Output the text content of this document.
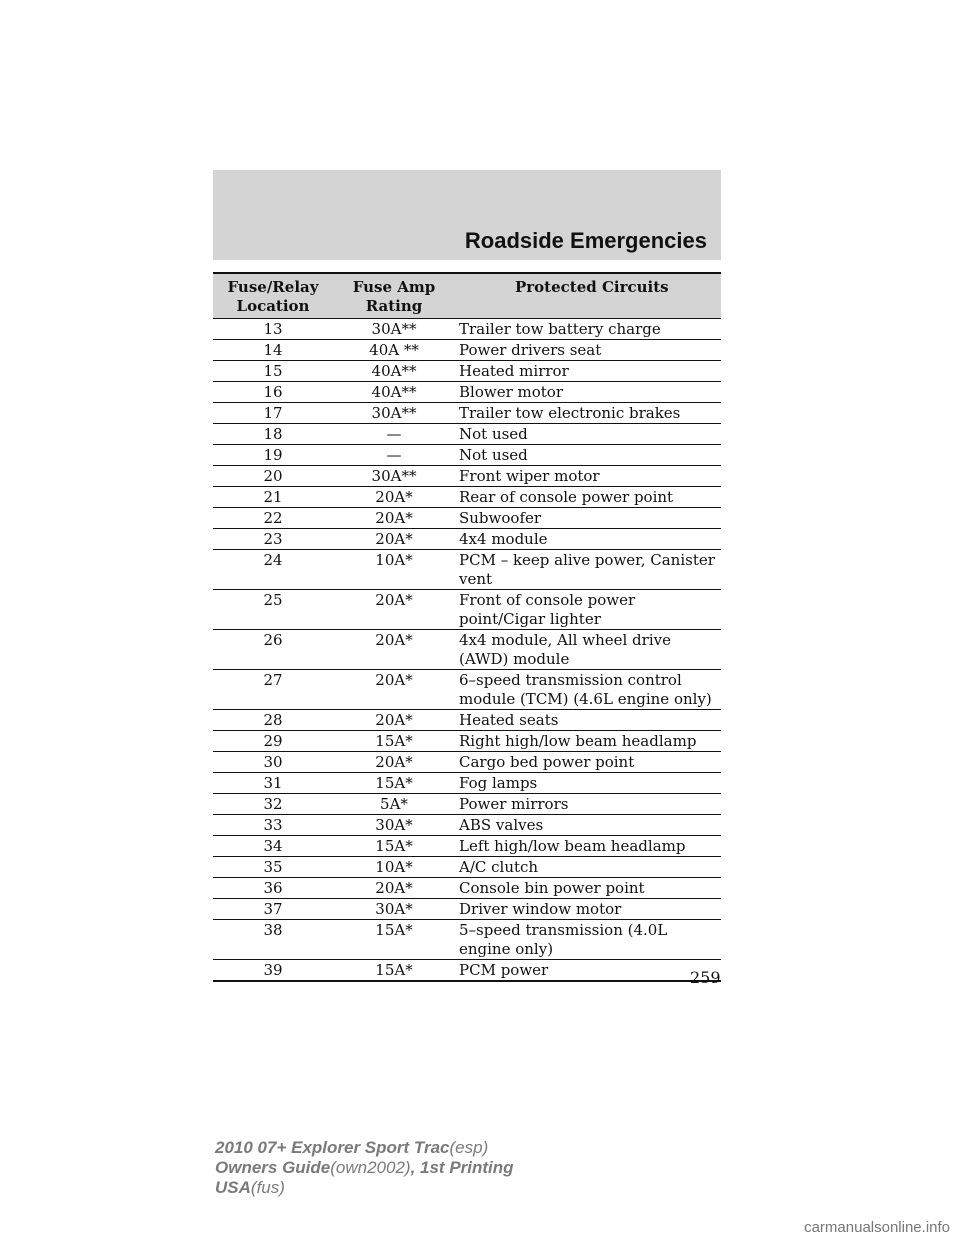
Roadside Emergencies
Fuse/Relay Location	Fuse Amp Rating	Protected Circuits
13	30A**	Trailer tow battery charge
14	40A **	Power drivers seat
15	40A**	Heated mirror
16	40A**	Blower motor
17	30A**	Trailer tow electronic brakes
18	—	Not used
19	—	Not used
20	30A**	Front wiper motor
21	20A*	Rear of console power point
22	20A*	Subwoofer
23	20A*	4x4 module
24	10A*	PCM – keep alive power, Canister vent
25	20A*	Front of console power point/Cigar lighter
26	20A*	4x4 module, All wheel drive (AWD) module
27	20A*	6–speed transmission control module (TCM) (4.6L engine only)
28	20A*	Heated seats
29	15A*	Right high/low beam headlamp
30	20A*	Cargo bed power point
31	15A*	Fog lamps
32	5A*	Power mirrors
33	30A*	ABS valves
34	15A*	Left high/low beam headlamp
35	10A*	A/C clutch
36	20A*	Console bin power point
37	30A*	Driver window motor
38	15A*	5–speed transmission (4.0L engine only)
39	15A*	PCM power	259
2010 07+ Explorer Sport Trac(esp)
Owners Guide(own2002), 1st Printing
USA(fus)
carmanualsonline.info
